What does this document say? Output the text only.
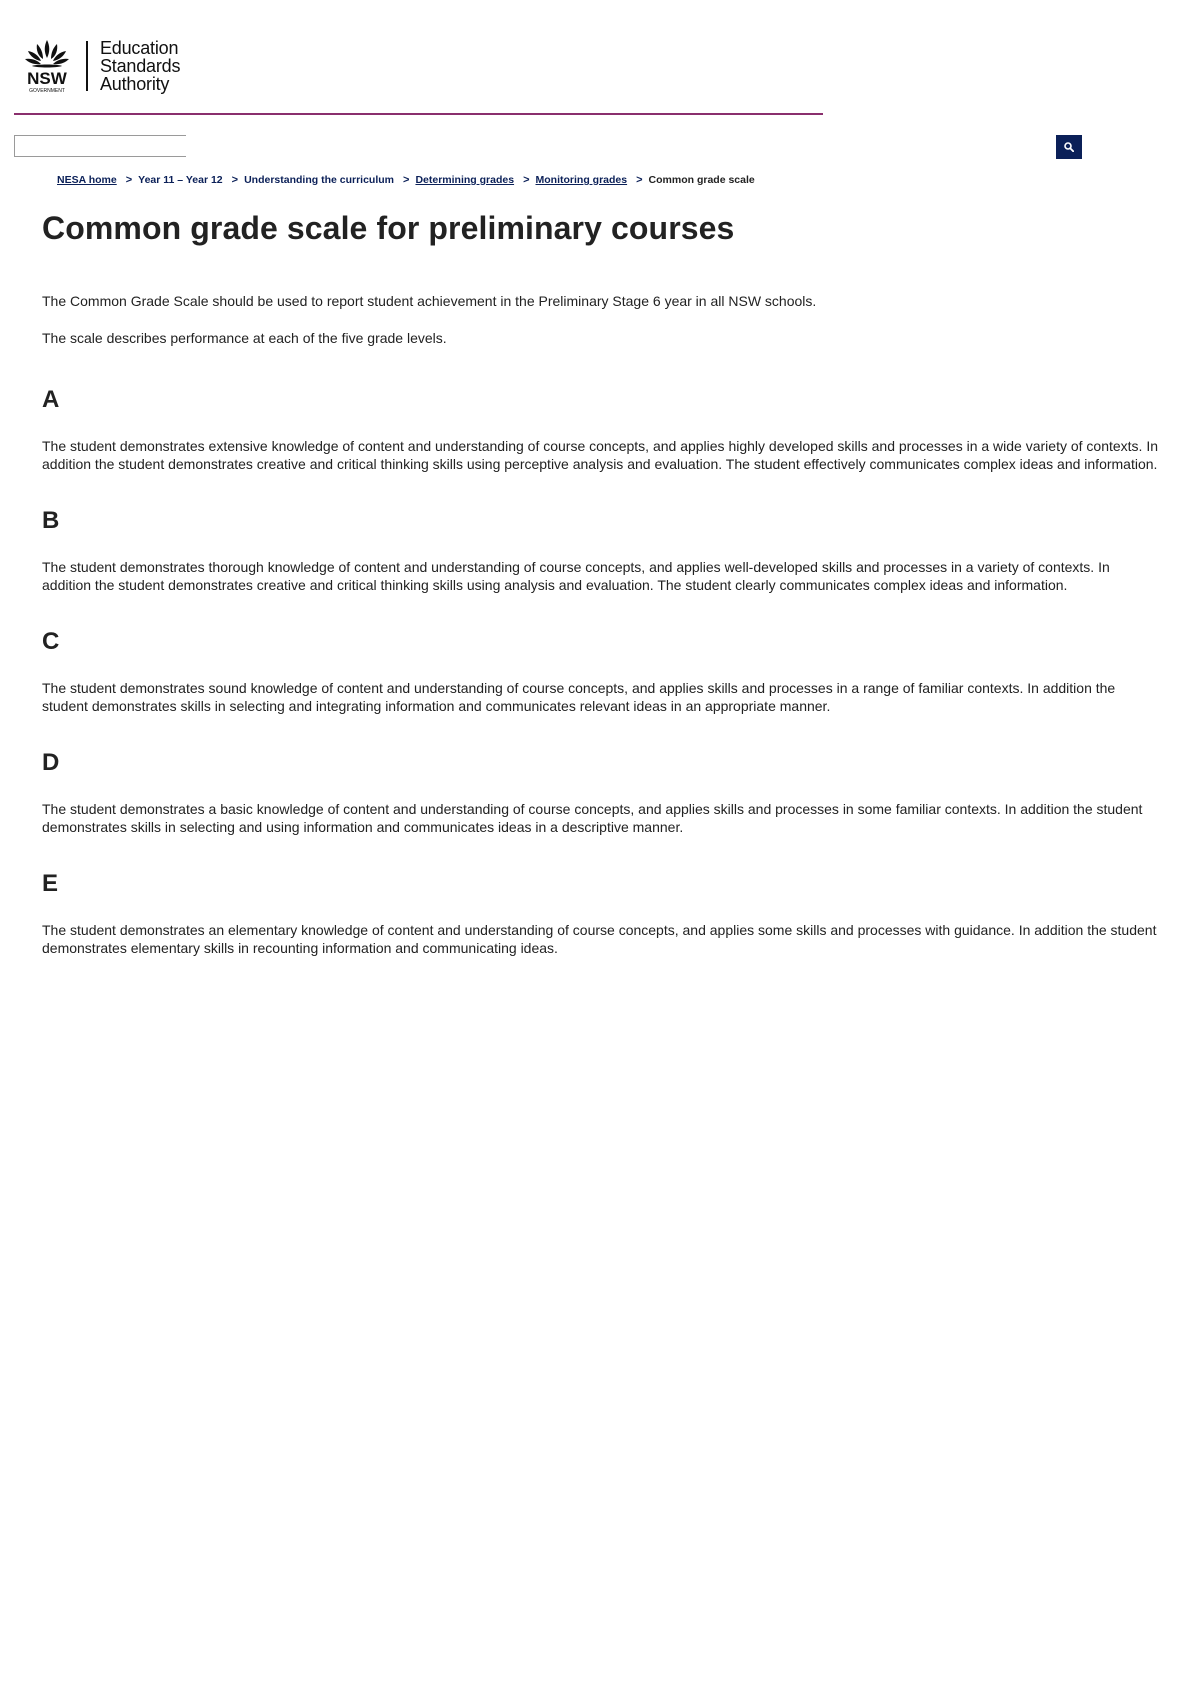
NSW
GOVERNMENT
Education
Standards
Authority
NESA home > Year 11 – Year 12 > Understanding the curriculum > Determining grades > Monitoring grades > Common grade scale
Common grade scale for preliminary courses

The Common Grade Scale should be used to report student achievement in the Preliminary Stage 6 year in all NSW schools.

The scale describes performance at each of the five grade levels.

A

The student demonstrates extensive knowledge of content and understanding of course concepts, and applies highly developed skills and processes in a wide variety of contexts. In addition the student demonstrates creative and critical thinking skills using perceptive analysis and evaluation. The student effectively communicates complex ideas and information.

B

The student demonstrates thorough knowledge of content and understanding of course concepts, and applies well-developed skills and processes in a variety of contexts. In addition the student demonstrates creative and critical thinking skills using analysis and evaluation. The student clearly communicates complex ideas and information.

C

The student demonstrates sound knowledge of content and understanding of course concepts, and applies skills and processes in a range of familiar contexts. In addition the student demonstrates skills in selecting and integrating information and communicates relevant ideas in an appropriate manner.

D

The student demonstrates a basic knowledge of content and understanding of course concepts, and applies skills and processes in some familiar contexts. In addition the student demonstrates skills in selecting and using information and communicates ideas in a descriptive manner.

E

The student demonstrates an elementary knowledge of content and understanding of course concepts, and applies some skills and processes with guidance. In addition the student demonstrates elementary skills in recounting information and communicating ideas.
